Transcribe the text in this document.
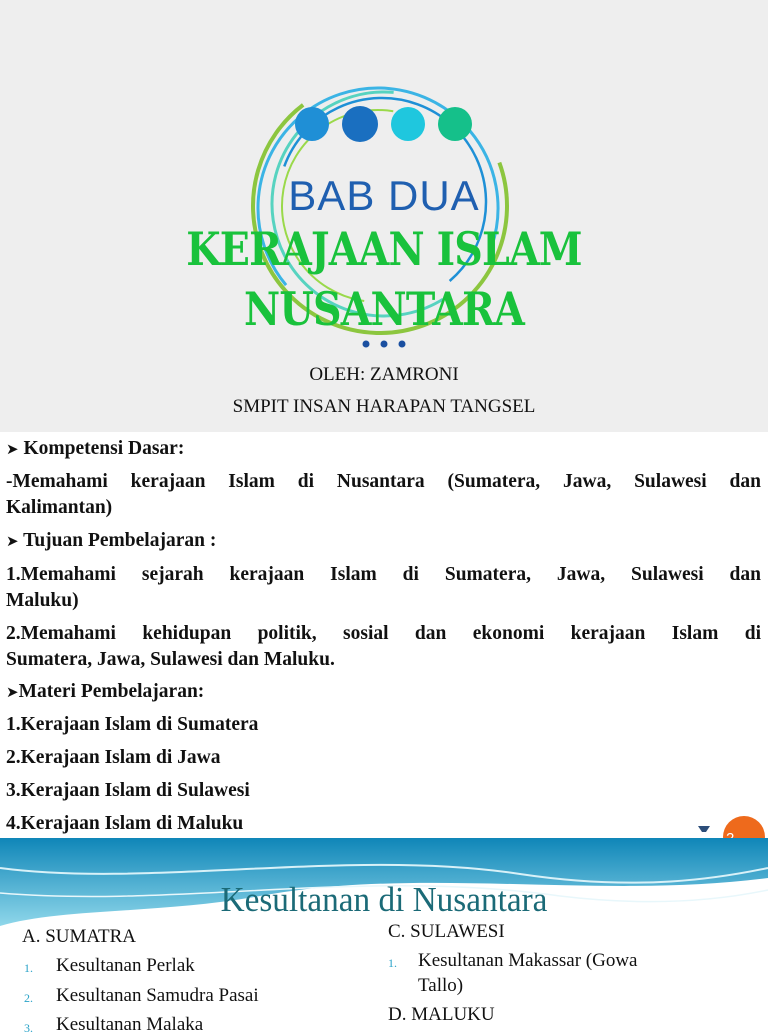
BAB DUA
KERAJAAN ISLAM
NUSANTARA
OLEH: ZAMRONI
SMPIT INSAN HARAPAN TANGSEL
➤ Kompetensi Dasar:
-Memahami kerajaan Islam di Nusantara (Sumatera, Jawa, Sulawesi dan
Kalimantan)
➤ Tujuan Pembelajaran :
1.Memahami sejarah kerajaan Islam di Sumatera, Jawa, Sulawesi dan
Maluku)
2.Memahami kehidupan politik, sosial dan ekonomi kerajaan Islam di
Sumatera, Jawa, Sulawesi dan Maluku.
➤Materi Pembelajaran:
1.Kerajaan Islam di Sumatera
2.Kerajaan Islam di Jawa
3.Kerajaan Islam di Sulawesi
4.Kerajaan Islam di Maluku
Kesultanan di Nusantara
A. SUMATRA
1. Kesultanan Perlak
2. Kesultanan Samudra Pasai
3. Kesultanan Malaka
C. SULAWESI
1. Kesultanan Makassar (Gowa
Tallo)
D. MALUKU
